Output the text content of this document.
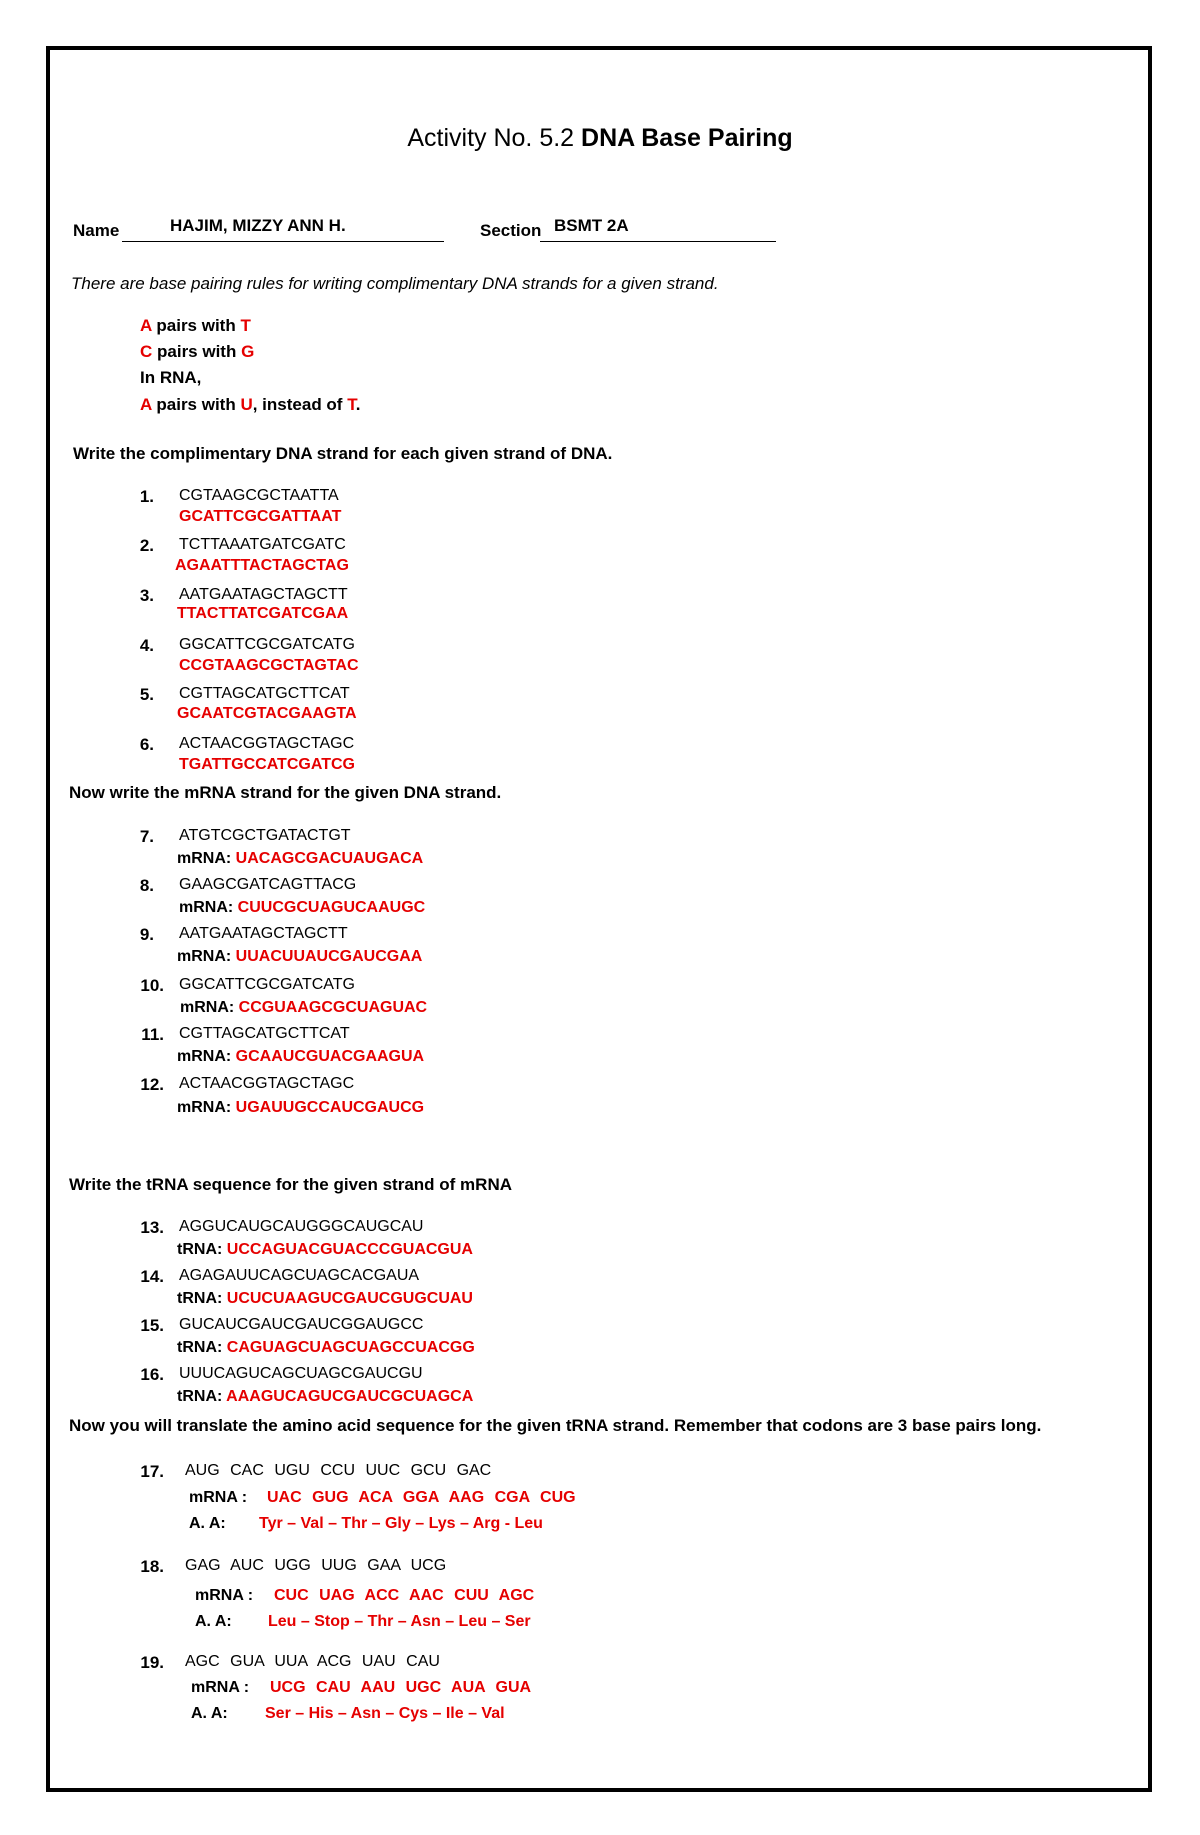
Activity No. 5.2 DNA Base Pairing
Name	HAJIM, MIZZY ANN H.	Section BSMT 2A
There are base pairing rules for writing complimentary DNA strands for a given strand.
A pairs with T
C pairs with G
In RNA,
A pairs with U, instead of T.
Write the complimentary DNA strand for each given strand of DNA.
1. CGTAAGCGCTAATTA
GCATTCGCGATTAAT
2. TCTTAAATGATCGATC
AGAATTTACTAGCTAG
3. AATGAATAGCTAGCTT
TTACTTATCGATCGAA
4. GGCATTCGCGATCATG
CCGTAAGCGCTAGTAC
5. CGTTAGCATGCTTCAT
GCAATCGTACGAAGTA
6. ACTAACGGTAGCTAGC
TGATTGCCATCGATCG
Now write the mRNA strand for the given DNA strand.
7. ATGTCGCTGATACTGT
mRNA: UACAGCGACUAUGACA
8. GAAGCGATCAGTTACG
mRNA: CUUCGCUAGUCAAUGC
9. AATGAATAGCTAGCTT
mRNA: UUACUUAUCGAUCGAA
10. GGCATTCGCGATCATG
mRNA: CCGUAAGCGCUAGUAC
11. CGTTAGCATGCTTCAT
mRNA: GCAAUCGUACGAAGUA
12. ACTAACGGTAGCTAGC
mRNA: UGAUUGCCAUCGAUCG
Write the tRNA sequence for the given strand of mRNA
13. AGGUCAUGCAUGGGCAUGCAU
tRNA: UCCAGUACGUACCCGUACGUA
14. AGAGAUUCAGCUAGCACGAUA
tRNA: UCUCUAAGUCGAUCGUGCUAU
15. GUCAUCGAUCGAUCGGAUGCC
tRNA: CAGUAGCUAGCUAGCCUACGG
16. UUUCAGUCAGCUAGCGAUCGU
tRNA: AAAGUCAGUCGAUCGCUAGCA
Now you will translate the amino acid sequence for the given tRNA strand. Remember that codons are 3 base pairs long.
17. AUG CAC UGU CCU UUC GCU GAC
mRNA : UAC GUG ACA GGA AAG CGA CUG
A. A: Tyr – Val – Thr – Gly – Lys – Arg - Leu
18. GAG AUC UGG UUG GAA UCG
mRNA : CUC UAG ACC AAC CUU AGC
A. A: Leu – Stop – Thr – Asn – Leu – Ser
19. AGC GUA UUA ACG UAU CAU
mRNA : UCG CAU AAU UGC AUA GUA
A. A: Ser – His – Asn – Cys – Ile – Val
